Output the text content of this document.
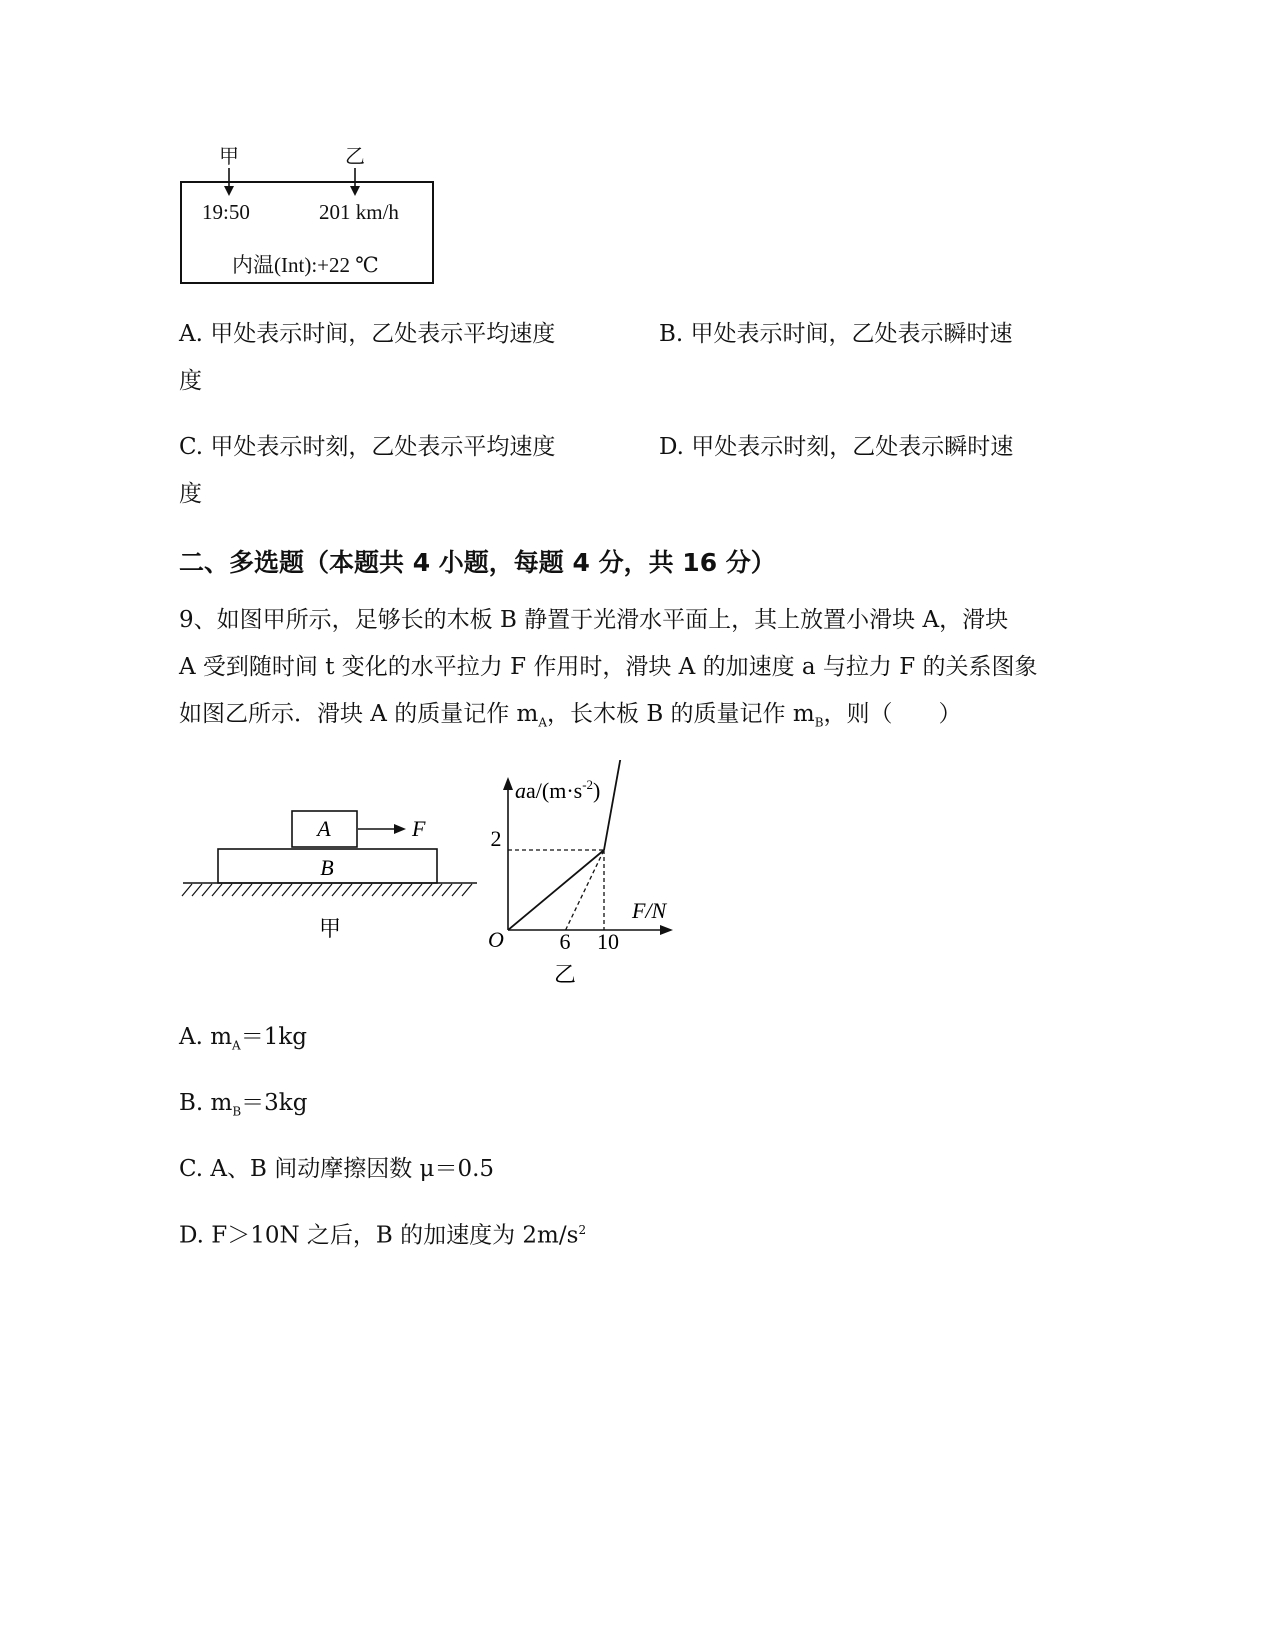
甲	乙
19:50	201 km/h
内温(Int):+22 ℃
A. 甲处表示时间，乙处表示平均速度	B. 甲处表示时间，乙处表示瞬时速
度
C. 甲处表示时刻，乙处表示平均速度	D. 甲处表示时刻，乙处表示瞬时速
度
二、多选题（本题共 4 小题，每题 4 分，共 16 分）
9、如图甲所示，足够长的木板 B 静置于光滑水平面上，其上放置小滑块 A，滑块
A 受到随时间 t 变化的水平拉力 F 作用时，滑块 A 的加速度 a 与拉力 F 的关系图象
如图乙所示．滑块 A 的质量记作 $m_A$，长木板 B 的质量记作 $m_B$，则（　　）
A
B
F
甲
$aa/(m\cdot s^{-2})$
F/N
O
2
6 10
乙
A. $m_A=1kg$
B. $m_B=3kg$
C. A、B 间动摩擦因数 μ＝0.5
D. F＞10N 之后，B 的加速度为 $2m/s^2$
